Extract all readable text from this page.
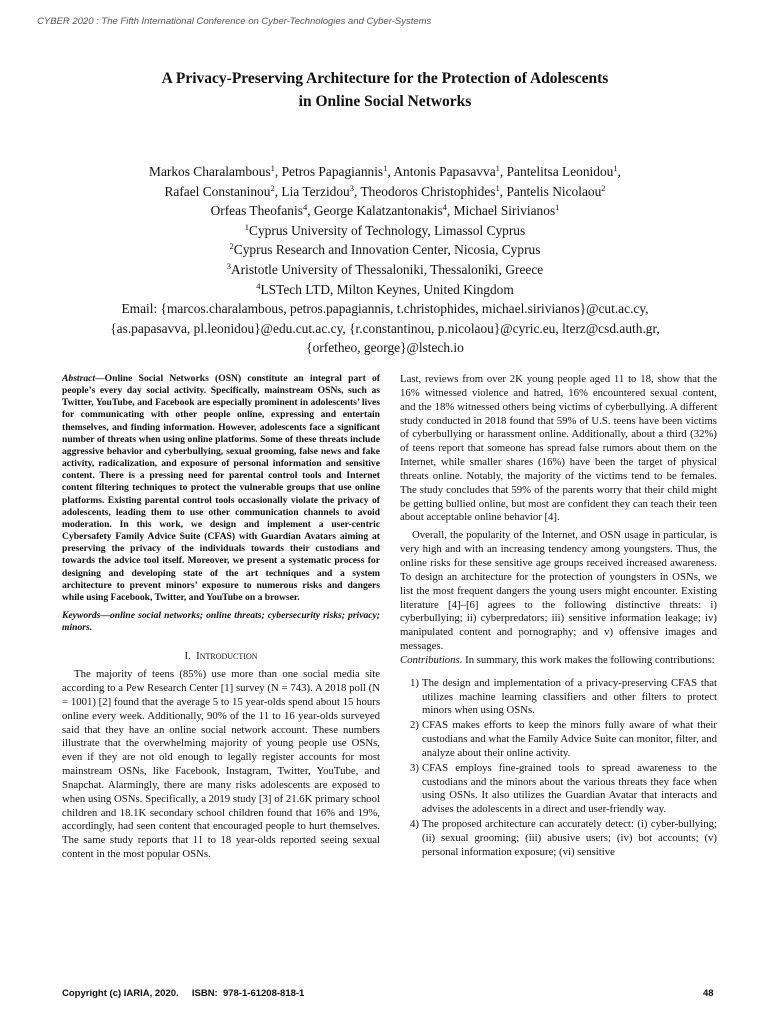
CYBER 2020 : The Fifth International Conference on Cyber-Technologies and Cyber-Systems
A Privacy-Preserving Architecture for the Protection of Adolescents
in Online Social Networks
Markos Charalambous$^1$, Petros Papagiannis$^1$, Antonis Papasavva$^1$, Pantelitsa Leonidou$^1$,
Rafael Constaninou$^2$, Lia Terzidou$^3$, Theodoros Christophides$^1$, Pantelis Nicolaou$^2$
Orfeas Theofanis$^4$, George Kalatzantonakis$^4$, Michael Sirivianos$^1$
$^1$Cyprus University of Technology, Limassol Cyprus
$^2$Cyprus Research and Innovation Center, Nicosia, Cyprus
$^3$Aristotle University of Thessaloniki, Thessaloniki, Greece
$^4$LSTech LTD, Milton Keynes, United Kingdom
Email: {marcos.charalambous, petros.papagiannis, t.christophides, michael.sirivianos}@cut.ac.cy,
{as.papasavva, pl.leonidou}@edu.cut.ac.cy, {r.constantinou, p.nicolaou}@cyric.eu, lterz@csd.auth.gr,
{orfetheo, george}@lstech.io

Abstract—Online Social Networks (OSN) constitute an integral part of people’s every day social activity. Specifically, mainstream OSNs, such as Twitter, YouTube, and Facebook are especially prominent in adolescents’ lives for communicating with other people online, expressing and entertain themselves, and finding information. However, adolescents face a significant number of threats when using online platforms. Some of these threats include aggressive behavior and cyberbullying, sexual grooming, false news and fake activity, radicalization, and exposure of personal information and sensitive content. There is a pressing need for parental control tools and Internet content filtering techniques to protect the vulnerable groups that use online platforms. Existing parental control tools occasionally violate the privacy of adolescents, leading them to use other communication channels to avoid moderation. In this work, we design and implement a user-centric Cybersafety Family Advice Suite (CFAS) with Guardian Avatars aiming at preserving the privacy of the individuals towards their custodians and towards the advice tool itself. Moreover, we present a systematic process for designing and developing state of the art techniques and a system architecture to prevent minors’ exposure to numerous risks and dangers while using Facebook, Twitter, and YouTube on a browser.

Keywords—online social networks; online threats; cybersecurity risks; privacy; minors.

I. Introduction

The majority of teens (85%) use more than one social media site according to a Pew Research Center [1] survey (N = 743). A 2018 poll (N = 1001) [2] found that the average 5 to 15 year-olds spend about 15 hours online every week. Additionally, 90% of the 11 to 16 year-olds surveyed said that they have an online social network account. These numbers illustrate that the overwhelming majority of young people use OSNs, even if they are not old enough to legally register accounts for most mainstream OSNs, like Facebook, Instagram, Twitter, YouTube, and Snapchat. Alarmingly, there are many risks adolescents are exposed to when using OSNs. Specifically, a 2019 study [3] of 21.6K primary school children and 18.1K secondary school children found that 16% and 19%, accordingly, had seen content that encouraged people to hurt themselves. The same study reports that 11 to 18 year-olds reported seeing sexual content in the most popular OSNs.

Last, reviews from over 2K young people aged 11 to 18, show that the 16% witnessed violence and hatred, 16% encountered sexual content, and the 18% witnessed others being victims of cyberbullying. A different study conducted in 2018 found that 59% of U.S. teens have been victims of cyberbullying or harassment online. Additionally, about a third (32%) of teens report that someone has spread false rumors about them on the Internet, while smaller shares (16%) have been the target of physical threats online. Notably, the majority of the victims tend to be females. The study concludes that 59% of the parents worry that their child might be getting bullied online, but most are confident they can teach their teen about acceptable online behavior [4].

Overall, the popularity of the Internet, and OSN usage in particular, is very high and with an increasing tendency among youngsters. Thus, the online risks for these sensitive age groups received increased awareness. To design an architecture for the protection of youngsters in OSNs, we list the most frequent dangers the young users might encounter. Existing literature [4]–[6] agrees to the following distinctive threats: i) cyberbullying; ii) cyberpredators; iii) sensitive information leakage; iv) manipulated content and pornography; and v) offensive images and messages.

Contributions. In summary, this work makes the following contributions:

1) The design and implementation of a privacy-preserving CFAS that utilizes machine learning classifiers and other filters to protect minors when using OSNs.
2) CFAS makes efforts to keep the minors fully aware of what their custodians and what the Family Advice Suite can monitor, filter, and analyze about their online activity.
3) CFAS employs fine-grained tools to spread awareness to the custodians and the minors about the various threats they face when using OSNs. It also utilizes the Guardian Avatar that interacts and advises the adolescents in a direct and user-friendly way.
4) The proposed architecture can accurately detect: (i) cyber-bullying; (ii) sexual grooming; (iii) abusive users; (iv) bot accounts; (v) personal information exposure; (vi) sensitive
Copyright (c) IARIA, 2020.     ISBN:  978-1-61208-818-1	48
